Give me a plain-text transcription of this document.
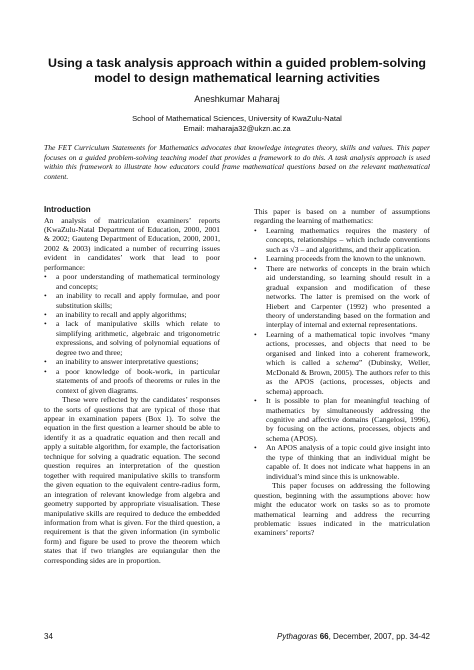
Using a task analysis approach within a guided problem-solving model to design mathematical learning activities
Aneshkumar Maharaj
School of Mathematical Sciences, University of KwaZulu-Natal
Email: maharaja32@ukzn.ac.za
The FET Curriculum Statements for Mathematics advocates that knowledge integrates theory, skills and values. This paper focuses on a guided problem-solving teaching model that provides a framework to do this. A task analysis approach is used within this framework to illustrate how educators could frame mathematical questions based on the relevant mathematical content.
Introduction

An analysis of matriculation examiners’ reports (KwaZulu-Natal Department of Education, 2000, 2001 & 2002; Gauteng Department of Education, 2000, 2001, 2002 & 2003) indicated a number of recurring issues evident in candidates’ work that lead to poor performance:

• a poor understanding of mathematical terminology and concepts;
• an inability to recall and apply formulae, and poor substitution skills;
• an inability to recall and apply algorithms;
• a lack of manipulative skills which relate to simplifying arithmetic, algebraic and trigonometric expressions, and solving of polynomial equations of degree two and three;
• an inability to answer interpretative questions;
• a poor knowledge of book-work, in particular statements of and proofs of theorems or rules in the context of given diagrams.

These were reflected by the candidates’ responses to the sorts of questions that are typical of those that appear in examination papers (Box 1). To solve the equation in the first question a learner should be able to identify it as a quadratic equation and then recall and apply a suitable algorithm, for example, the factorisation technique for solving a quadratic equation. The second question requires an interpretation of the question together with required manipulative skills to transform the given equation to the equivalent centre-radius form, an integration of relevant knowledge from algebra and geometry supported by appropriate visualisation. These manipulative skills are required to deduce the embedded information from what is given. For the third question, a requirement is that the given information (in symbolic form) and figure be used to prove the theorem which states that if two triangles are equiangular then the corresponding sides are in proportion.

This paper is based on a number of assumptions regarding the learning of mathematics:

• Learning mathematics requires the mastery of concepts, relationships – which include conventions such as √3 – and algorithms, and their application.
• Learning proceeds from the known to the unknown.
• There are networks of concepts in the brain which aid understanding, so learning should result in a gradual expansion and modification of these networks. The latter is premised on the work of Hiebert and Carpenter (1992) who presented a theory of understanding based on the formation and interplay of internal and external representations.
• Learning of a mathematical topic involves “many actions, processes, and objects that need to be organised and linked into a coherent framework, which is called a schema” (Dubinsky, Weller, McDonald & Brown, 2005). The authors refer to this as the APOS (actions, processes, objects and schema) approach.
• It is possible to plan for meaningful teaching of mathematics by simultaneously addressing the cognitive and affective domains (Cangelosi, 1996), by focusing on the actions, processes, objects and schema (APOS).
• An APOS analysis of a topic could give insight into the type of thinking that an individual might be capable of. It does not indicate what happens in an individual’s mind since this is unknowable.

This paper focuses on addressing the following question, beginning with the assumptions above: how might the educator work on tasks so as to promote mathematical learning and address the recurring problematic issues indicated in the matriculation examiners’ reports?

34	Pythagoras 66, December, 2007, pp. 34-42
